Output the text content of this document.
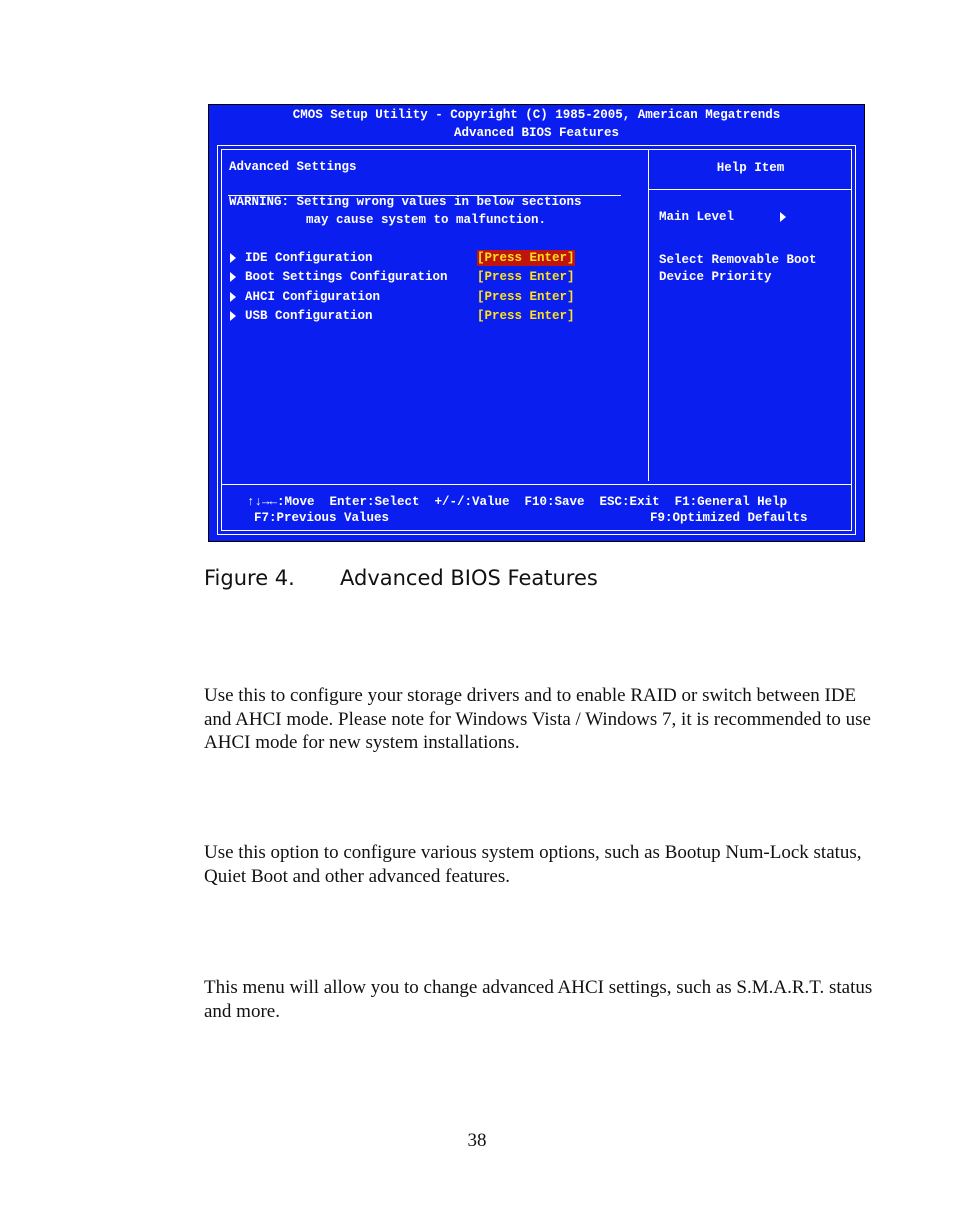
CMOS Setup Utility - Copyright (C) 1985-2005, American Megatrends
Advanced BIOS Features
Advanced Settings
WARNING: Setting wrong values in below sections
may cause system to malfunction.
IDE Configuration	[Press Enter]
Boot Settings Configuration [Press Enter]
AHCI Configuration	[Press Enter]
USB Configuration	[Press Enter]
Help Item
Main Level
Select Removable Boot
Device Priority
↑↓→←:Move  Enter:Select  +/-/:Value  F10:Save  ESC:Exit  F1:General Help
F7:Previous Values	F9:Optimized Defaults

Figure 4.

Advanced BIOS Features

Use this to configure your storage drivers and to enable RAID or switch between IDE and AHCI mode. Please note for Windows Vista / Windows 7, it is recommended to use AHCI mode for new system installations.
Use this option to configure various system options, such as Bootup Num-Lock status, Quiet Boot and other advanced features.
This menu will allow you to change advanced AHCI settings, such as S.M.A.R.T. status and more.
38
